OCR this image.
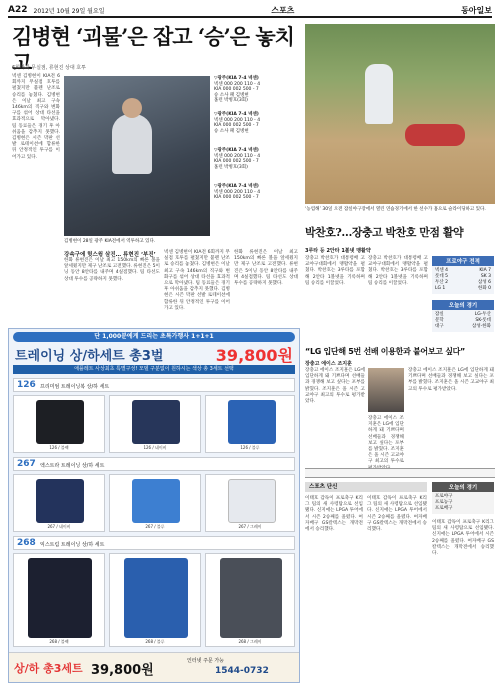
A22 2012년 10월 29일 월요일	스포츠	동아일보
김병현 ‘괴물’은 잡고 ‘승’은 놓치고
6회까지 무실점, 류현진 상대 호투
넥센 김병현이 KIA전 6회까지 무실점 호투를 펼쳤지만 불펜 난조로 승리를 놓쳤다. 김병현은 이날 최고 구속 146km의 직구와 변화구를 섞어 상대 타선을 효과적으로 막아냈다. 팀 동료들은 경기 후 아쉬움을 감추지 못했다. 김병현은 시즌 막판 선발 로테이션에 합류한 뒤 안정적인 투구를 이어가고 있다.
김병현이 28일 광주 KIA전에서 역투하고 있다.
▽광주(KIA 7-4 넥센)
넥센 000 200 110 - 4
KIA 000 002 500 - 7
승 소사 패 김병현
홈런 박병호(3회)
▽광주(KIA 7-4 넥센)
넥센 000 200 110 - 4
KIA 000 002 500 - 7
승 소사 패 김병현
▽광주(KIA 7-4 넥센)
넥센 000 200 110 - 4
KIA 000 002 500 - 7
홈런 박병호(3회)
▽광주(KIA 7-4 넥센)
넥센 000 200 110 - 4
KIA 000 002 500 - 7
강속구에 헛스윙 삼진… 류현진 ‘부진’
한화 류현진은 이날 최고 150km의 빠른 볼을 앞세웠지만 제구 난조로 고전했다. 류현진은 5이닝 동안 8안타를 내주며 4실점했다. 팀 타선도 상대 투수를 공략하지 못했다.
넥센 김병현이 KIA전 6회까지 무실점 호투를 펼쳤지만 불펜 난조로 승리를 놓쳤다. 김병현은 이날 최고 구속 146km의 직구와 변화구를 섞어 상대 타선을 효과적으로 막아냈다. 팀 동료들은 경기 후 아쉬움을 감추지 못했다. 김병현은 시즌 막판 선발 로테이션에 합류한 뒤 안정적인 투구를 이어가고 있다.
한화 류현진은 이날 최고 150km의 빠른 볼을 앞세웠지만 제구 난조로 고전했다. 류현진은 5이닝 동안 8안타를 내주며 4실점했다. 팀 타선도 상대 투수를 공략하지 못했다.
‘농염해’ 30일 오전 잠실야구장에서 열린 연습경기에서 한 선수가 홈으로 슬라이딩하고 있다.
박찬호?…장충고 박찬호 만점 활약
3루타 등 2안타 1볼넷 맹활약
장충고 박찬호가 대통령배 고교야구대회에서 맹활약을 펼쳤다. 박찬호는 3루타를 포함해 2안타 1볼넷을 기록하며 팀 승리를 이끌었다.
장충고 박찬호가 대통령배 고교야구대회에서 맹활약을 펼쳤다. 박찬호는 3루타를 포함해 2안타 1볼넷을 기록하며 팀 승리를 이끌었다.
프로야구 전적
넥센 4	KIA 7
롯데 5	SK 3
두산 2	삼성 6
LG 1	한화 0
오늘의 경기
잠실	LG-두산
문학	SK-롯데
대구	삼성-한화
단 1,000분에게 드리는 초특가행사 1+1+1
트레이닝 상/하세트 총3벌	39,800원
애플레트 사상최초 특별구성! 모델 구분없이 원하시는 색상 총 3세트 선택
126 프리미엄 트레이닝복 상/하 세트
126 / 블랙	126 / 네이비	126 / 블루
267 엑스트라 트레이닝 상/하 세트
267 / 네이비	267 / 블루	267 / 그레이
268 익스트림 트레이닝 상/하 세트
268 / 블랙	268 / 블루	268 / 그레이
상/하 총3세트 39,800원
인터넷 주문 가능
1544-0732
“LG 입단해 5번 선배 이용한과 붙어보고 싶다”
장충고 에이스 조지훈
장충고 에이스 조지훈은 LG에 입단하게 돼 기쁘다며 선배들과 경쟁해 보고 싶다는 포부를 밝혔다. 조지훈은 올 시즌 고교야구 최고의 투수로 평가받았다.
장충고 에이스 조지훈은 LG에 입단하게 돼 기쁘다며 선배들과 경쟁해 보고 싶다는 포부를 밝혔다. 조지훈은 올 시즌 고교야구 최고의 투수로 평가받았다.
장충고 에이스 조지훈은 LG에 입단하게 돼 기쁘다며 선배들과 경쟁해 보고 싶다는 포부를 밝혔다. 조지훈은 올 시즌 고교야구 최고의 투수로
스포츠 단신
이태호 감독이 프로축구 K리그 팀의 새 사령탑으로 선임됐다. 신지애는 LPGA 투어에서 시즌 2승째를 올렸다. 여자배구 GS칼텍스는 개막전에서 승리했다.
이태호 감독이 프로축구 K리그 팀의 새 사령탑으로 선임됐다. 신지애는 LPGA 투어에서 시즌 2승째를 올렸다. 여자배구 GS칼텍스는 개막전에서 승리했다.
오늘의 경기
프로야구
프로농구
프로배구
이태호 감독이 프로축구 K리그 팀의 새 사령탑으로 선임됐다. 신지애는 LPGA 투어에서 시즌 2승째를 올렸다. 여자배구 GS칼텍스는 개막전에서 승리했다.
